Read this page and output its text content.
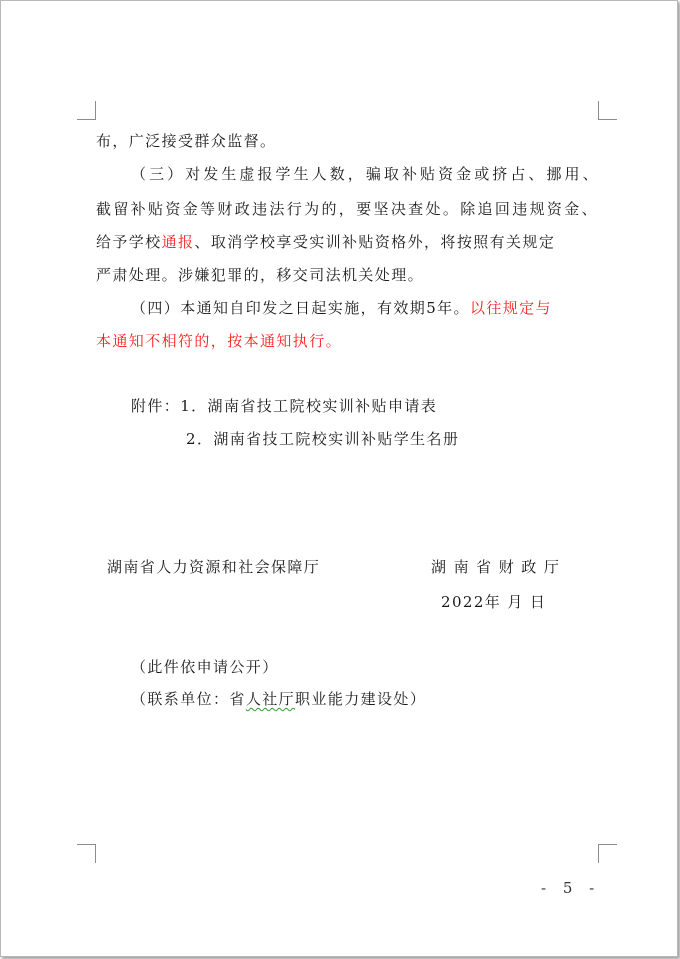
布，广泛接受群众监督。
（三）对发生虚报学生人数，骗取补贴资金或挤占、挪用、
截留补贴资金等财政违法行为的，要坚决查处。除追回违规资金、
给予学校通报、取消学校享受实训补贴资格外，将按照有关规定
严肃处理。涉嫌犯罪的，移交司法机关处理。
（四）本通知自印发之日起实施，有效期5年。以往规定与
本通知不相符的，按本通知执行。
附件：1．湖南省技工院校实训补贴申请表
2．湖南省技工院校实训补贴学生名册
湖南省人力资源和社会保障厅	湖 南 省 财 政 厅
2022年 月 日
（此件依申请公开）
（联系单位：省人社厅职业能力建设处）
- 5 -
